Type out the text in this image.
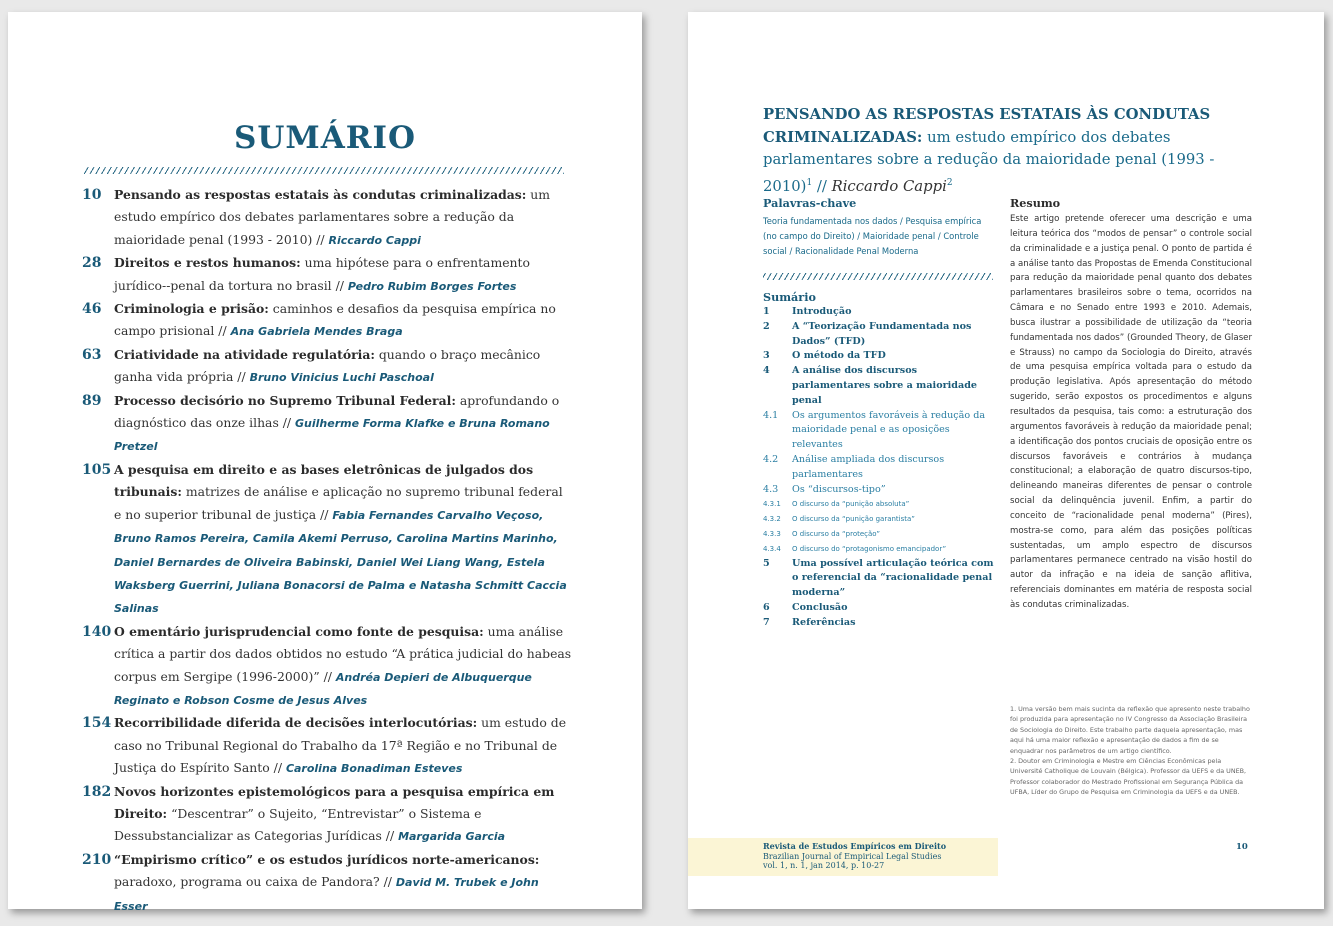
SUMÁRIO
10 Pensando as respostas estatais às condutas criminalizadas: um estudo empírico dos debates parlamentares sobre a redução da maioridade penal (1993 - 2010) // Riccardo Cappi
28 Direitos e restos humanos: uma hipótese para o enfrentamento jurídico--penal da tortura no brasil // Pedro Rubim Borges Fortes
46 Criminologia e prisão: caminhos e desafios da pesquisa empírica no campo prisional // Ana Gabriela Mendes Braga
63 Criatividade na atividade regulatória: quando o braço mecânico ganha vida própria // Bruno Vinicius Luchi Paschoal
89 Processo decisório no Supremo Tribunal Federal: aprofundando o diagnóstico das onze ilhas // Guilherme Forma Klafke e Bruna Romano Pretzel
105 A pesquisa em direito e as bases eletrônicas de julgados dos tribunais: matrizes de análise e aplicação no supremo tribunal federal e no superior tribunal de justiça // Fabia Fernandes Carvalho Veçoso, Bruno Ramos Pereira, Camila Akemi Perruso, Carolina Martins Marinho, Daniel Bernardes de Oliveira Babinski, Daniel Wei Liang Wang, Estela Waksberg Guerrini, Juliana Bonacorsi de Palma e Natasha Schmitt Caccia Salinas
140 O ementário jurisprudencial como fonte de pesquisa: uma análise crítica a partir dos dados obtidos no estudo “A prática judicial do habeas corpus em Sergipe (1996-2000)” // Andréa Depieri de Albuquerque Reginato e Robson Cosme de Jesus Alves
154 Recorribilidade diferida de decisões interlocutórias: um estudo de caso no Tribunal Regional do Trabalho da 17ª Região e no Tribunal de Justiça do Espírito Santo // Carolina Bonadiman Esteves
182 Novos horizontes epistemológicos para a pesquisa empírica em Direito: “Descentrar” o Sujeito, “Entrevistar” o Sistema e Dessubstancializar as Categorias Jurídicas // Margarida Garcia
210 “Empirismo crítico” e os estudos jurídicos norte-americanos: paradoxo, programa ou caixa de Pandora? // David M. Trubek e John Esser
PENSANDO AS RESPOSTAS ESTATAIS ÀS CONDUTAS CRIMINALIZADAS: um estudo empírico dos debates parlamentares sobre a redução da maioridade penal (1993 - 2010)$^1$ // Riccardo Cappi$^2$
Palavras-chave
Teoria fundamentada nos dados / Pesquisa empírica (no campo do Direito) / Maioridade penal / Controle social / Racionalidade Penal Moderna
Sumário
1	Introdução
2	A “Teorização Fundamentada nos Dados” (TFD)
3	O método da TFD
4	A análise dos discursos parlamentares sobre a maioridade penal
4.1	Os argumentos favoráveis à redução da maioridade penal e as oposições relevantes
4.2	Análise ampliada dos discursos parlamentares
4.3	Os “discursos-tipo”
4.3.1	O discurso da “punição absoluta”
4.3.2	O discurso da “punição garantista”
4.3.3	O discurso da “proteção”
4.3.4	O discurso do “protagonismo emancipador”
5	Uma possível articulação teórica com o referencial da “racionalidade penal moderna”
6	Conclusão
7	Referências
Resumo
Este artigo pretende oferecer uma descrição e uma leitura teórica dos “modos de pensar” o controle social da criminalidade e a justiça penal. O ponto de partida é a análise tanto das Propostas de Emenda Constitucional para redução da maioridade penal quanto dos debates parlamentares brasileiros sobre o tema, ocorridos na Câmara e no Senado entre 1993 e 2010. Ademais, busca ilustrar a possibilidade de utilização da “teoria fundamentada nos dados” (Grounded Theory, de Glaser e Strauss) no campo da Sociologia do Direito, através de uma pesquisa empírica voltada para o estudo da produção legislativa. Após apresentação do método sugerido, serão expostos os procedimentos e alguns resultados da pesquisa, tais como: a estruturação dos argumentos favoráveis à redução da maioridade penal; a identificação dos pontos cruciais de oposição entre os discursos favoráveis e contrários à mudança constitucional; a elaboração de quatro discursos-tipo, delineando maneiras diferentes de pensar o controle social da delinquência juvenil. Enfim, a partir do conceito de “racionalidade penal moderna” (Pires), mostra-se como, para além das posições políticas sustentadas, um amplo espectro de discursos parlamentares permanece centrado na visão hostil do autor da infração e na ideia de sanção aflitiva, referenciais dominantes em matéria de resposta social às condutas criminalizadas.

1. Uma versão bem mais sucinta da reflexão que apresento neste trabalho foi produzida para apresentação no IV Congresso da Associação Brasileira de Sociologia do Direito. Este trabalho parte daquela apresentação, mas aqui há uma maior reflexão e apresentação de dados a fim de se enquadrar nos parâmetros de um artigo científico.

2. Doutor em Criminologia e Mestre em Ciências Econômicas pela Université Catholique de Louvain (Bélgica). Professor da UEFS e da UNEB, Professor colaborador do Mestrado Profissional em Segurança Pública da UFBA, Líder do Grupo de Pesquisa em Criminologia da UEFS e da UNEB.

Revista de Estudos Empíricos em Direito
Brazilian Journal of Empirical Legal Studies
vol. 1, n. 1, jan 2014, p. 10-27
10
